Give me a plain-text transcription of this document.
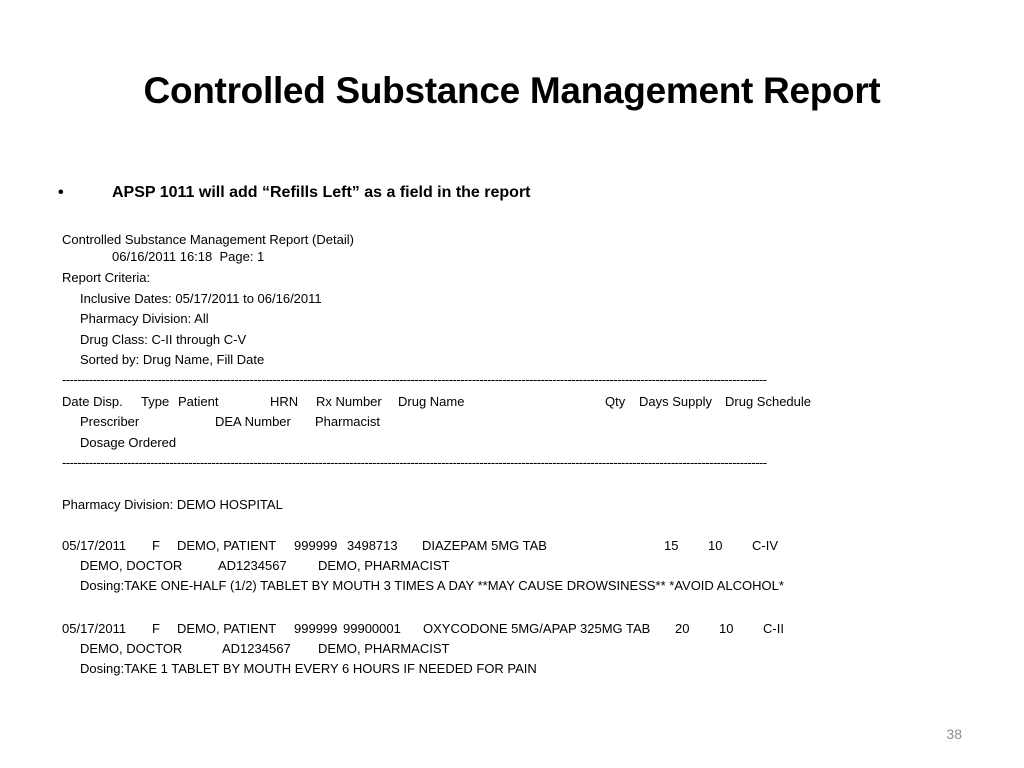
Controlled Substance Management Report
•	APSP 1011 will add “Refills Left” as a field in the report
Controlled Substance Management Report (Detail)
06/16/2011 16:18  Page: 1
Report Criteria:
Inclusive Dates: 05/17/2011 to 06/16/2011
Pharmacy Division: All
Drug Class: C-II through C-V
Sorted by: Drug Name, Fill Date
----------------------------------------------------------------------------------------------------------------------------------------------------------------------------------------
Date Disp. Type Patient	HRN Rx Number Drug Name	Qty Days Supply Drug Schedule
Prescriber	DEA Number Pharmacist
Dosage Ordered
----------------------------------------------------------------------------------------------------------------------------------------------------------------------------------------
Pharmacy Division: DEMO HOSPITAL
05/17/2011 F DEMO, PATIENT 999999 3498713 DIAZEPAM 5MG TAB	15 10 C-IV
DEMO, DOCTOR	AD1234567 DEMO, PHARMACIST
Dosing:TAKE ONE-HALF (1/2) TABLET BY MOUTH 3 TIMES A DAY **MAY CAUSE DROWSINESS** *AVOID ALCOHOL*
05/17/2011 F DEMO, PATIENT 999999 99900001 OXYCODONE 5MG/APAP 325MG TAB 20 10 C-II
DEMO, DOCTOR	AD1234567 DEMO, PHARMACIST
Dosing:TAKE 1 TABLET BY MOUTH EVERY 6 HOURS IF NEEDED FOR PAIN
38
